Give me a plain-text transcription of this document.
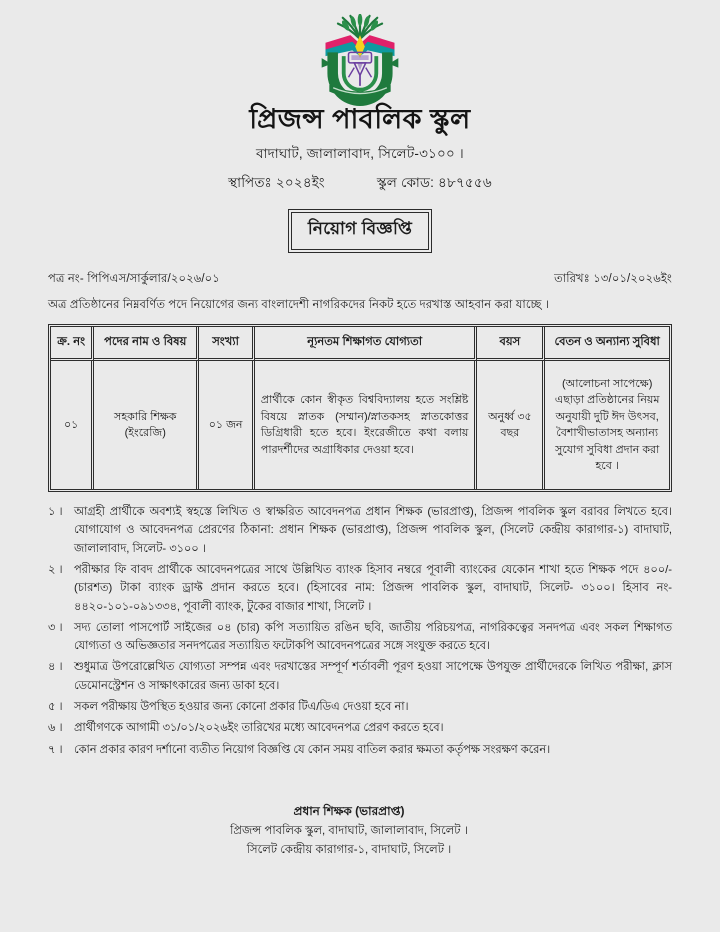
প্রিজন্স পাবলিক স্কুল
বাদাঘাট, জালালাবাদ, সিলেট-৩১০০ ।
স্থাপিতঃ ২০২৪ইং	স্কুল কোড: ৪৮৭৫৫৬
নিয়োগ বিজ্ঞপ্তি
পত্র নং- পিপিএস/সার্কুলার/২০২৬/০১	তারিখঃ ১৩/০১/২০২৬ইং
অত্র প্রতিষ্ঠানের নিম্নবর্ণিত পদে নিয়োগের জন্য বাংলাদেশী নাগরিকদের নিকট হতে দরখাস্ত আহবান করা যাচ্ছে ।
ক্র. নং	পদের নাম ও বিষয়	সংখ্যা	ন্যূনতম শিক্ষাগত যোগ্যতা	বয়স	বেতন ও অন্যান্য সুবিধা
০১	সহকারি শিক্ষক (ইংরেজি)	০১ জন	প্রার্থীকে কোন স্বীকৃত বিশ্ববিদ্যালয় হতে সংশ্লিষ্ট বিষয়ে স্নাতক (সম্মান)/স্নাতকসহ স্নাতকোত্তর ডিগ্রিধারী হতে হবে। ইংরেজীতে কথা বলায় পারদর্শীদের অগ্রাধিকার দেওয়া হবে।	অনুর্ধ্ব ৩৫ বছর	(আলোচনা সাপেক্ষে) এছাড়া প্রতিষ্ঠানের নিয়ম অনুযায়ী দুটি ঈদ উৎসব, বৈশাখীভাতাসহ অন্যান্য সুযোগ সুবিধা প্রদান করা হবে ।
১ ।	আগ্রহী প্রার্থীকে অবশ্যই স্বহস্তে লিখিত ও স্বাক্ষরিত আবেদনপত্র প্রধান শিক্ষক (ভারপ্রাপ্ত), প্রিজন্স পাবলিক স্কুল বরাবর লিখতে হবে। যোগাযোগ ও আবেদনপত্র প্রেরণের ঠিকানা: প্রধান শিক্ষক (ভারপ্রাপ্ত), প্রিজন্স পাবলিক স্কুল, (সিলেট কেন্দ্রীয় কারাগার-১) বাদাঘাট, জালালাবাদ, সিলেট- ৩১০০ ।
২ ।	পরীক্ষার ফি বাবদ প্রার্থীকে আবেদনপত্রের সাথে উল্লিখিত ব্যাংক হিসাব নম্বরে পূবালী ব্যাংকের যেকোন শাখা হতে শিক্ষক পদে ৪০০/- (চারশত) টাকা ব্যাংক ড্রাফ্ট প্রদান করতে হবে। (হিসাবের নাম: প্রিজন্স পাবলিক স্কুল, বাদাঘাট, সিলেট- ৩১০০। হিসাব নং- ৪৪২০-১০১-০৯১৩৩৪, পূবালী ব্যাংক, টুকের বাজার শাখা, সিলেট ।
৩ ।	সদ্য তোলা পাসপোর্ট সাইজের ০৪ (চার) কপি সত্যায়িত রঙিন ছবি, জাতীয় পরিচয়পত্র, নাগরিকত্বের সনদপত্র এবং সকল শিক্ষাগত যোগ্যতা ও অভিজ্ঞতার সনদপত্রের সত্যায়িত ফটোকপি আবেদনপত্রের সঙ্গে সংযুক্ত করতে হবে।
৪ ।	শুধুমাত্র উপরোল্লেখিত যোগ্যতা সম্পন্ন এবং দরখাস্তের সম্পূর্ণ শর্তাবলী পূরণ হওয়া সাপেক্ষে উপযুক্ত প্রার্থীদেরকে লিখিত পরীক্ষা, ক্লাস ডেমোনস্ট্রেশন ও সাক্ষাৎকারের জন্য ডাকা হবে।
৫ ।	সকল পরীক্ষায় উপস্থিত হওয়ার জন্য কোনো প্রকার টিএ/ডিএ দেওয়া হবে না।
৬ ।	প্রার্থীগণকে আগামী ৩১/০১/২০২৬ইং তারিখের মধ্যে আবেদনপত্র প্রেরণ করতে হবে।
৭ ।	কোন প্রকার কারণ দর্শানো ব্যতীত নিয়োগ বিজ্ঞপ্তি যে কোন সময় বাতিল করার ক্ষমতা কর্তৃপক্ষ সংরক্ষণ করেন।
প্রধান শিক্ষক (ভারপ্রাপ্ত)
প্রিজন্স পাবলিক স্কুল, বাদাঘাট, জালালাবাদ, সিলেট ।
সিলেট কেন্দ্রীয় কারাগার-১, বাদাঘাট, সিলেট ।
